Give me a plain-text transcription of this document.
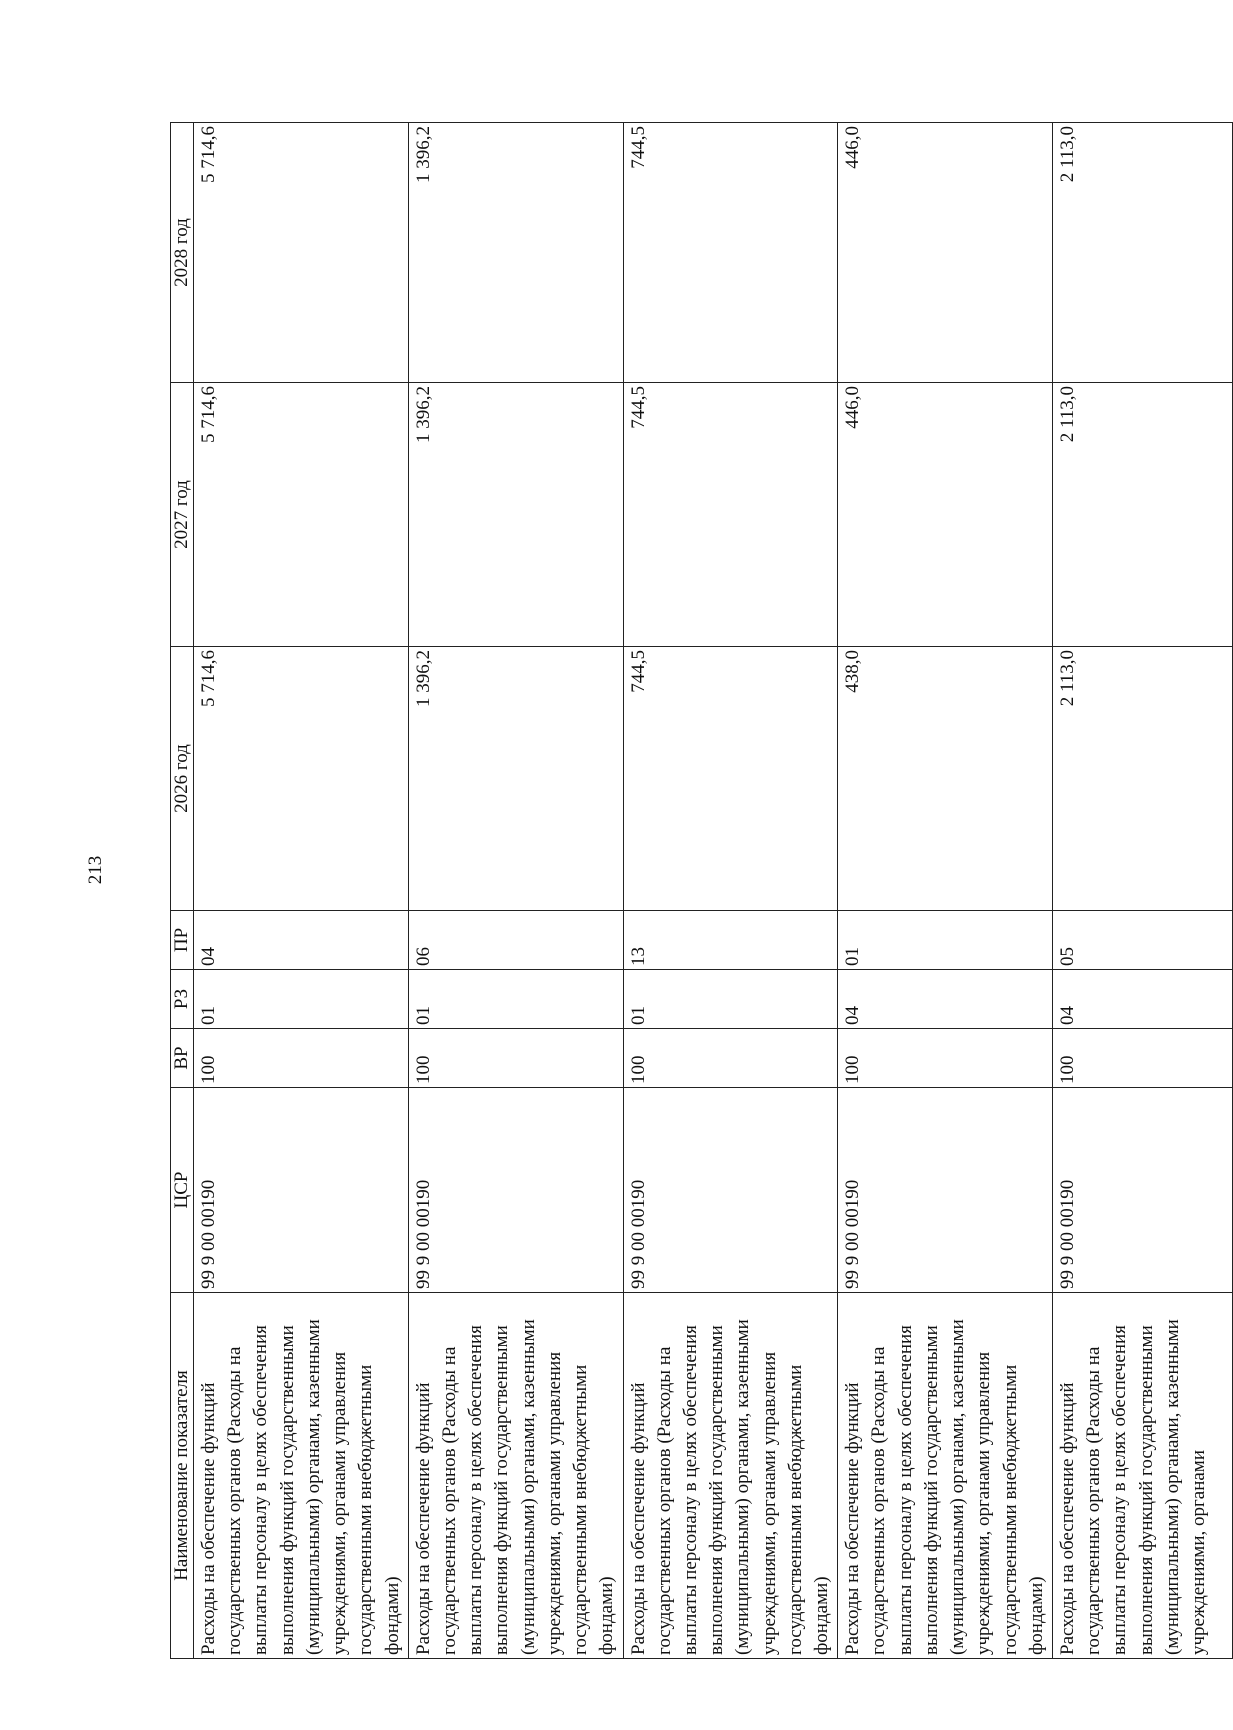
213
Наименование показателя	ЦСР	ВР	РЗ	ПР	2026 год	2027 год	2028 год
Расходы на обеспечение функций государственных органов (Расходы на выплаты персоналу в целях обеспечения выполнения функций государственными (муниципальными) органами, казенными учреждениями, органами управления государственными внебюджетными фондами)	99 9 00 00190	100	01	04	5 714,6	5 714,6	5 714,6
Расходы на обеспечение функций государственных органов (Расходы на выплаты персоналу в целях обеспечения выполнения функций государственными (муниципальными) органами, казенными учреждениями, органами управления государственными внебюджетными фондами)	99 9 00 00190	100	01	06	1 396,2	1 396,2	1 396,2
Расходы на обеспечение функций государственных органов (Расходы на выплаты персоналу в целях обеспечения выполнения функций государственными (муниципальными) органами, казенными учреждениями, органами управления государственными внебюджетными фондами)	99 9 00 00190	100	01	13	744,5	744,5	744,5
Расходы на обеспечение функций государственных органов (Расходы на выплаты персоналу в целях обеспечения выполнения функций государственными (муниципальными) органами, казенными учреждениями, органами управления государственными внебюджетными фондами)	99 9 00 00190	100	04	01	438,0	446,0	446,0
Расходы на обеспечение функций государственных органов (Расходы на выплаты персоналу в целях обеспечения выполнения функций государственными (муниципальными) органами, казенными учреждениями, органами	99 9 00 00190	100	04	05	2 113,0	2 113,0	2 113,0
